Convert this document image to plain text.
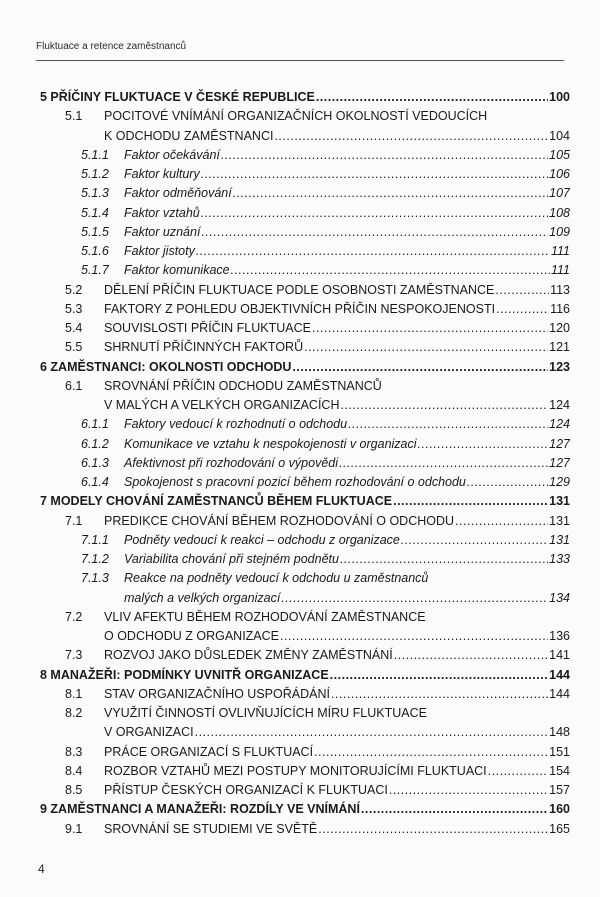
Fluktuace a retence zaměstnanců
5 PŘÍČINY FLUKTUACE V ČESKÉ REPUBLICE .....	100
5.1 POCITOVÉ VNÍMÁNÍ ORGANIZAČNÍCH OKOLNOSTÍ VEDOUCÍCH
K ODCHODU ZAMĚSTNANCI .....	104
5.1.1 Faktor očekávání .....	105
5.1.2 Faktor kultury .....	106
5.1.3 Faktor odměňování .....	107
5.1.4 Faktor vztahů .....	108
5.1.5 Faktor uznání .....	109
5.1.6 Faktor jistoty .....	111
5.1.7 Faktor komunikace .....	111
5.2 DĚLENÍ PŘÍČIN FLUKTUACE PODLE OSOBNOSTI ZAMĚSTNANCE .....	113
5.3 FAKTORY Z POHLEDU OBJEKTIVNÍCH PŘÍČIN NESPOKOJENOSTI .....	116
5.4 SOUVISLOSTI PŘÍČIN FLUKTUACE .....	120
5.5 SHRNUTÍ PŘÍČINNÝCH FAKTORŮ .....	121
6 ZAMĚSTNANCI: OKOLNOSTI ODCHODU .....	123
6.1 SROVNÁNÍ PŘÍČIN ODCHODU ZAMĚSTNANCŮ
V MALÝCH A VELKÝCH ORGANIZACÍCH .....	124
6.1.1 Faktory vedoucí k rozhodnutí o odchodu .....	124
6.1.2 Komunikace ve vztahu k nespokojenosti v organizaci .....	127
6.1.3 Afektivnost při rozhodování o výpovědi .....	127
6.1.4 Spokojenost s pracovní pozicí během rozhodování o odchodu .....	129
7 MODELY CHOVÁNÍ ZAMĚSTNANCŮ BĚHEM FLUKTUACE .....	131
7.1 PREDIKCE CHOVÁNÍ BĚHEM ROZHODOVÁNÍ O ODCHODU .....	131
7.1.1 Podněty vedoucí k reakci – odchodu z organizace .....	131
7.1.2 Variabilita chování při stejném podnětu .....	133
7.1.3 Reakce na podněty vedoucí k odchodu u zaměstnanců
malých a velkých organizací .....	134
7.2 VLIV AFEKTU BĚHEM ROZHODOVÁNÍ ZAMĚSTNANCE
O ODCHODU Z ORGANIZACE .....	136
7.3 ROZVOJ JAKO DŮSLEDEK ZMĚNY ZAMĚSTNÁNÍ .....	141
8 MANAŽEŘI: PODMÍNKY UVNITŘ ORGANIZACE .....	144
8.1 STAV ORGANIZAČNÍHO USPOŘÁDÁNÍ .....	144
8.2 VYUŽITÍ ČINNOSTÍ OVLIVŇUJÍCÍCH MÍRU FLUKTUACE
V ORGANIZACI .....	148
8.3 PRÁCE ORGANIZACÍ S FLUKTUACÍ .....	151
8.4 ROZBOR VZTAHŮ MEZI POSTUPY MONITORUJÍCÍMI FLUKTUACI .....	154
8.5 PŘÍSTUP ČESKÝCH ORGANIZACÍ K FLUKTUACI .....	157
9 ZAMĚSTNANCI A MANAŽEŘI: ROZDÍLY VE VNÍMÁNÍ .....	160
9.1 SROVNÁNÍ SE STUDIEMI VE SVĚTĚ .....	165
4
